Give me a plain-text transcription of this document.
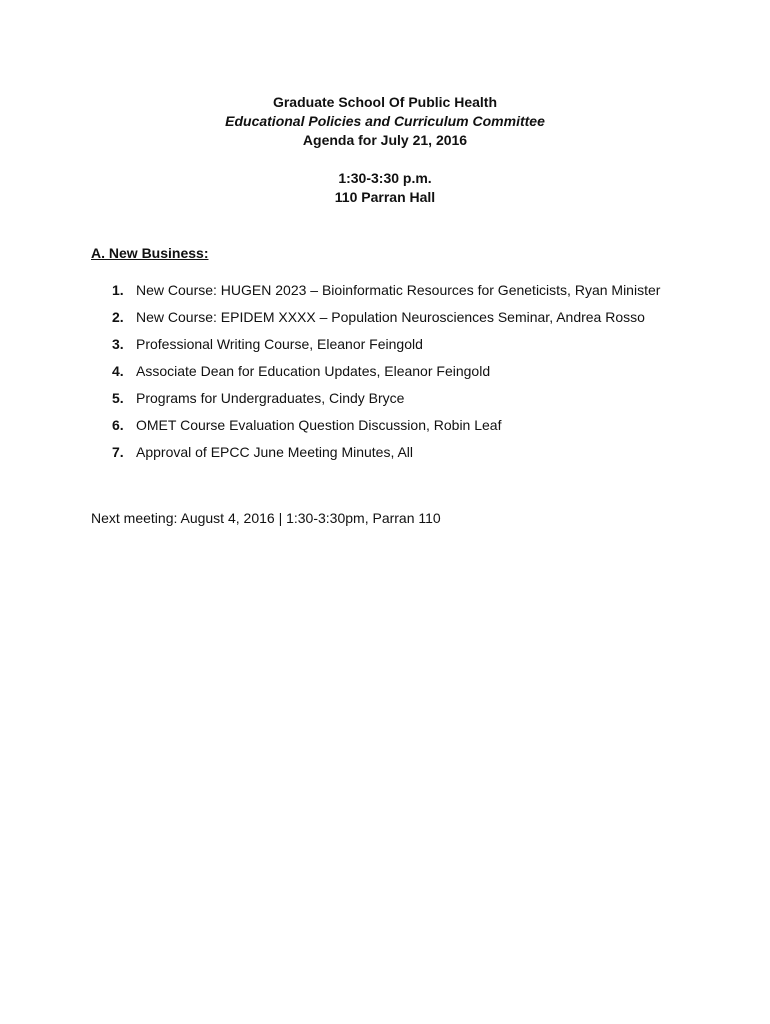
Graduate School Of Public Health
Educational Policies and Curriculum Committee
Agenda for July 21, 2016
1:30-3:30 p.m.
110 Parran Hall
A. New Business:
1. New Course: HUGEN 2023 – Bioinformatic Resources for Geneticists, Ryan Minister
2. New Course: EPIDEM XXXX – Population Neurosciences Seminar, Andrea Rosso
3. Professional Writing Course, Eleanor Feingold
4. Associate Dean for Education Updates, Eleanor Feingold
5. Programs for Undergraduates, Cindy Bryce
6. OMET Course Evaluation Question Discussion, Robin Leaf
7. Approval of EPCC June Meeting Minutes, All
Next meeting: August 4, 2016 | 1:30-3:30pm, Parran 110
